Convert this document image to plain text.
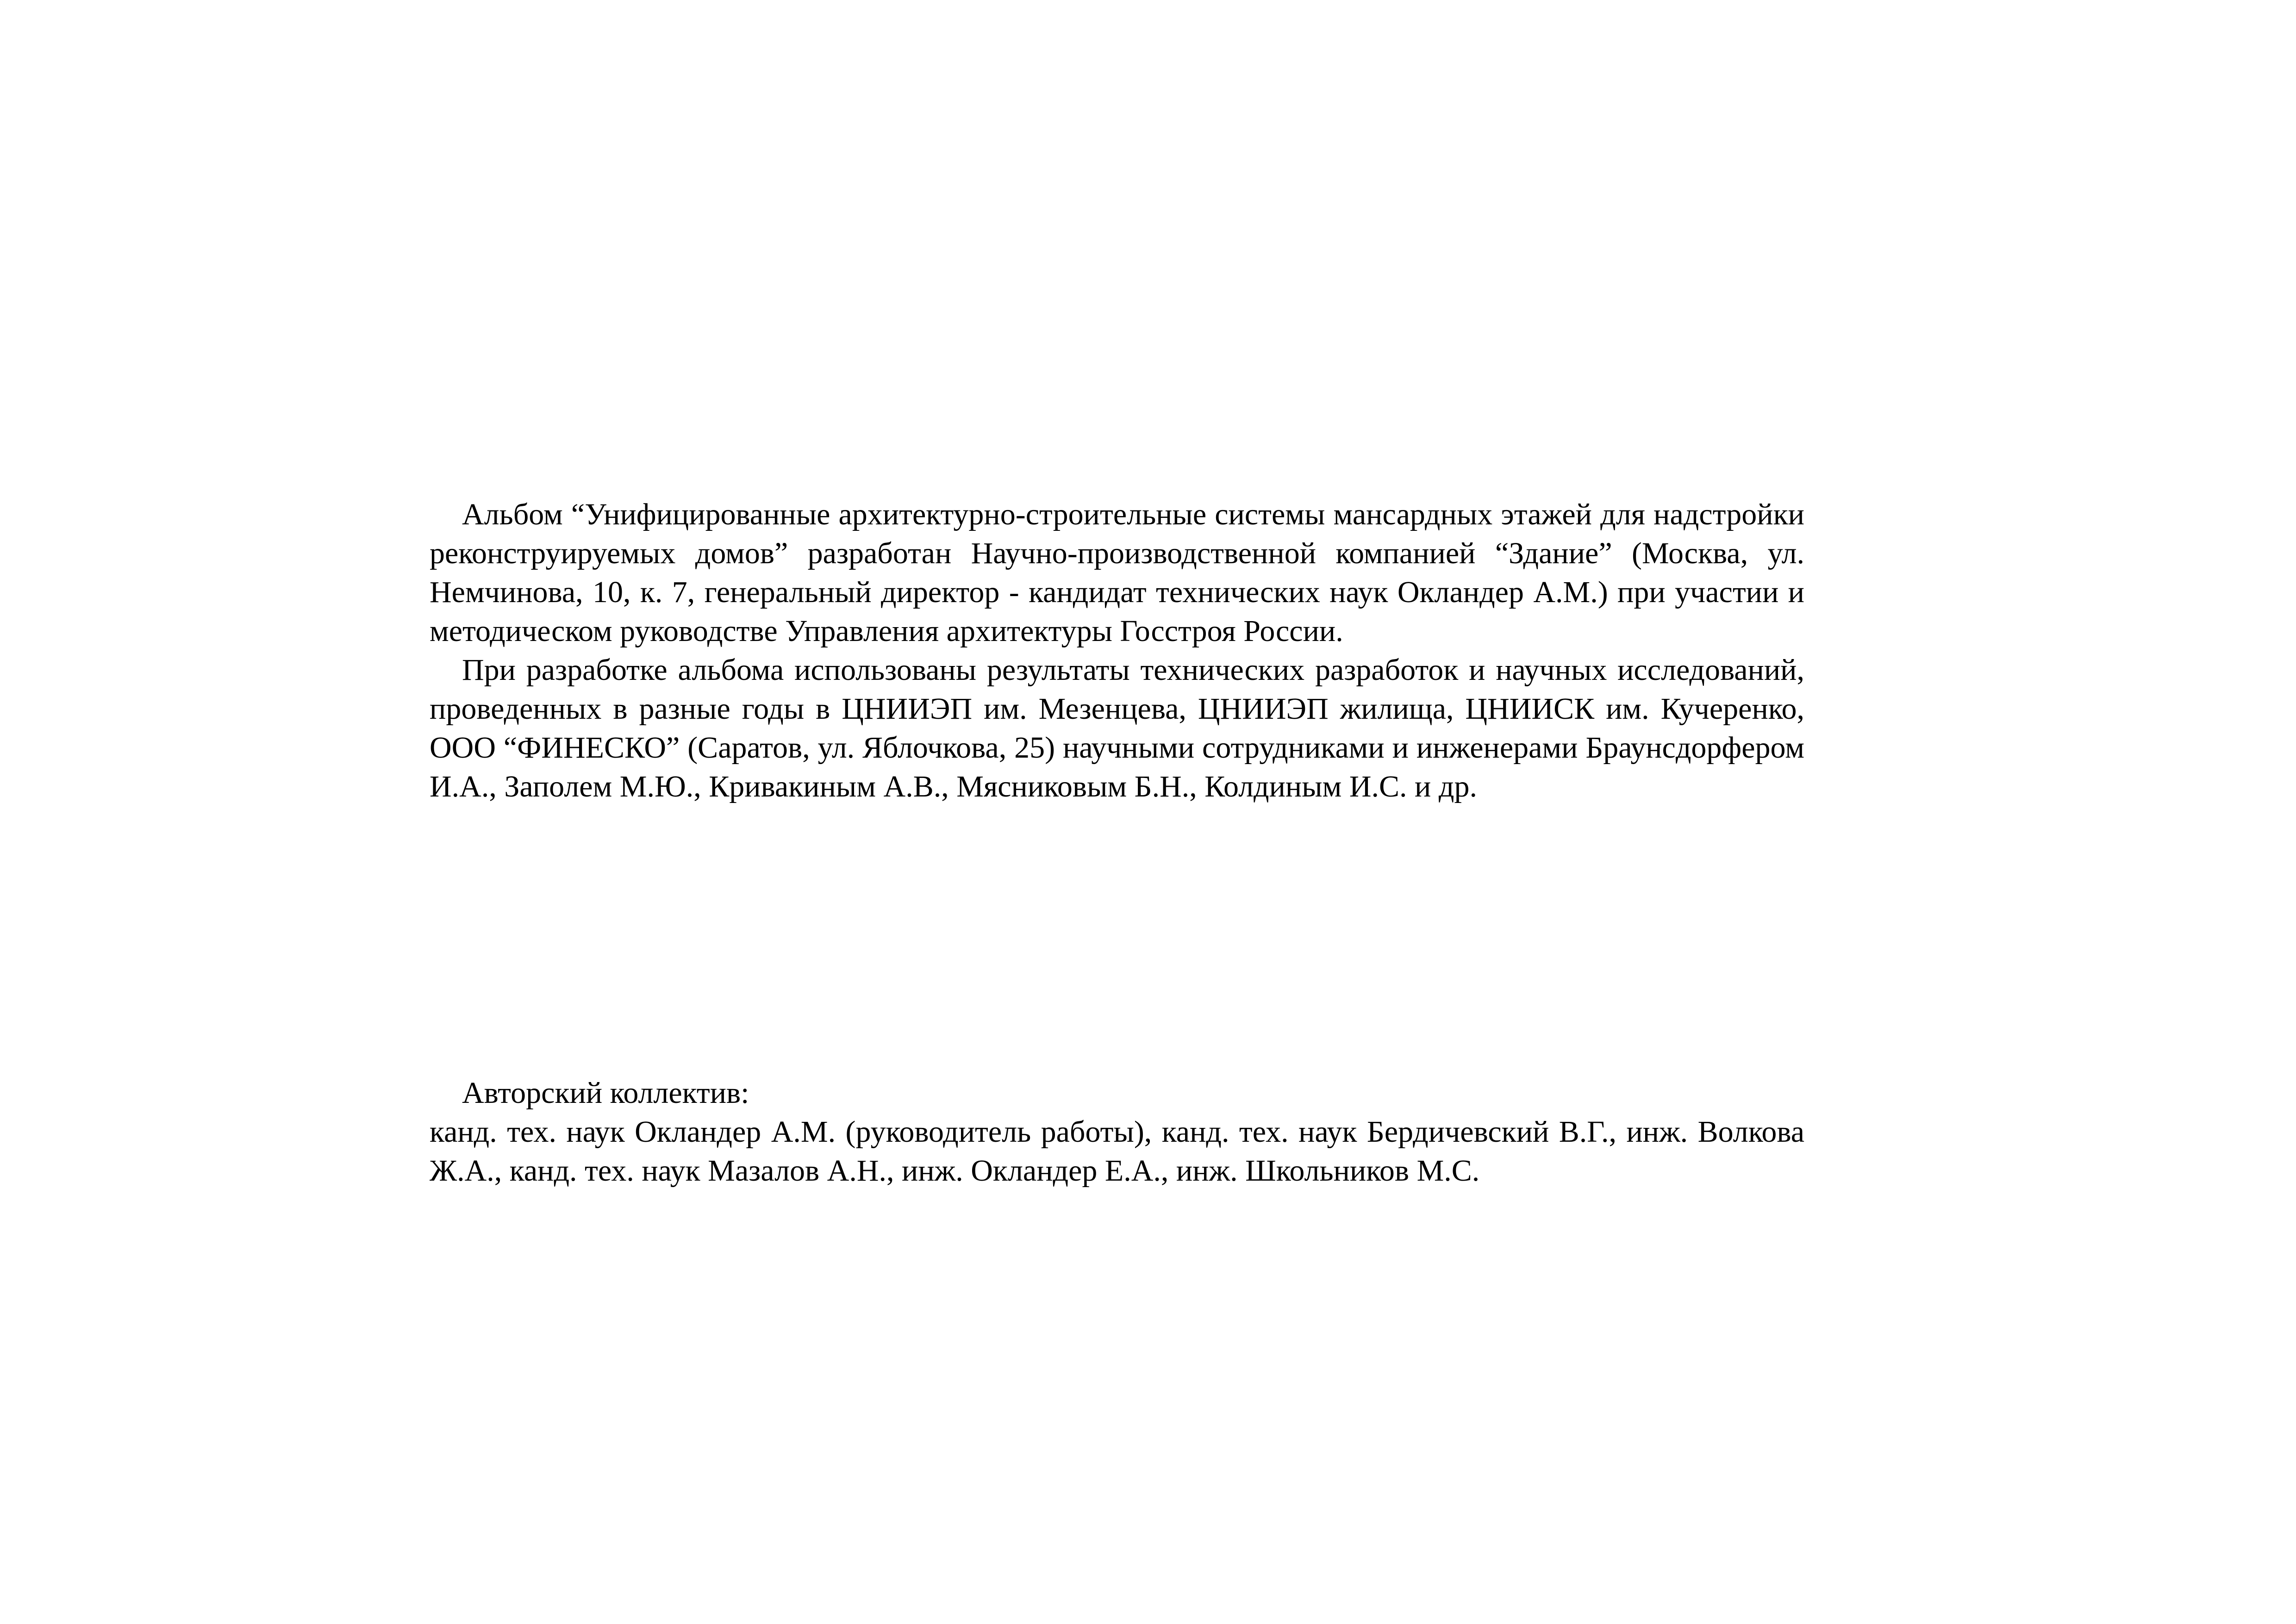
Альбом “Унифицированные архитектурно-строительные системы мансардных этажей для надстройки реконструируемых домов” разработан Научно-производственной компанией “Здание” (Москва, ул. Немчинова, 10, к. 7, генеральный директор - кандидат технических наук Окландер А.М.) при участии и методическом руководстве Управления архитектуры Госстроя России.

При разработке альбома использованы результаты технических разработок и научных исследований, проведенных в разные годы в ЦНИИЭП им. Мезенцева, ЦНИИЭП жилища, ЦНИИСК им. Кучеренко, ООО “ФИНЕСКО” (Саратов, ул. Яблочкова, 25) научными сотрудниками и инженерами Браунсдорфером И.А., Заполем М.Ю., Кривакиным А.В., Мясниковым Б.Н., Колдиным И.С. и др.

Авторский коллектив:

канд. тех. наук Окландер А.М. (руководитель работы), канд. тех. наук Бердичевский В.Г., инж. Волкова Ж.А., канд. тех. наук Мазалов А.Н., инж. Окландер Е.А., инж. Школьников М.С.
